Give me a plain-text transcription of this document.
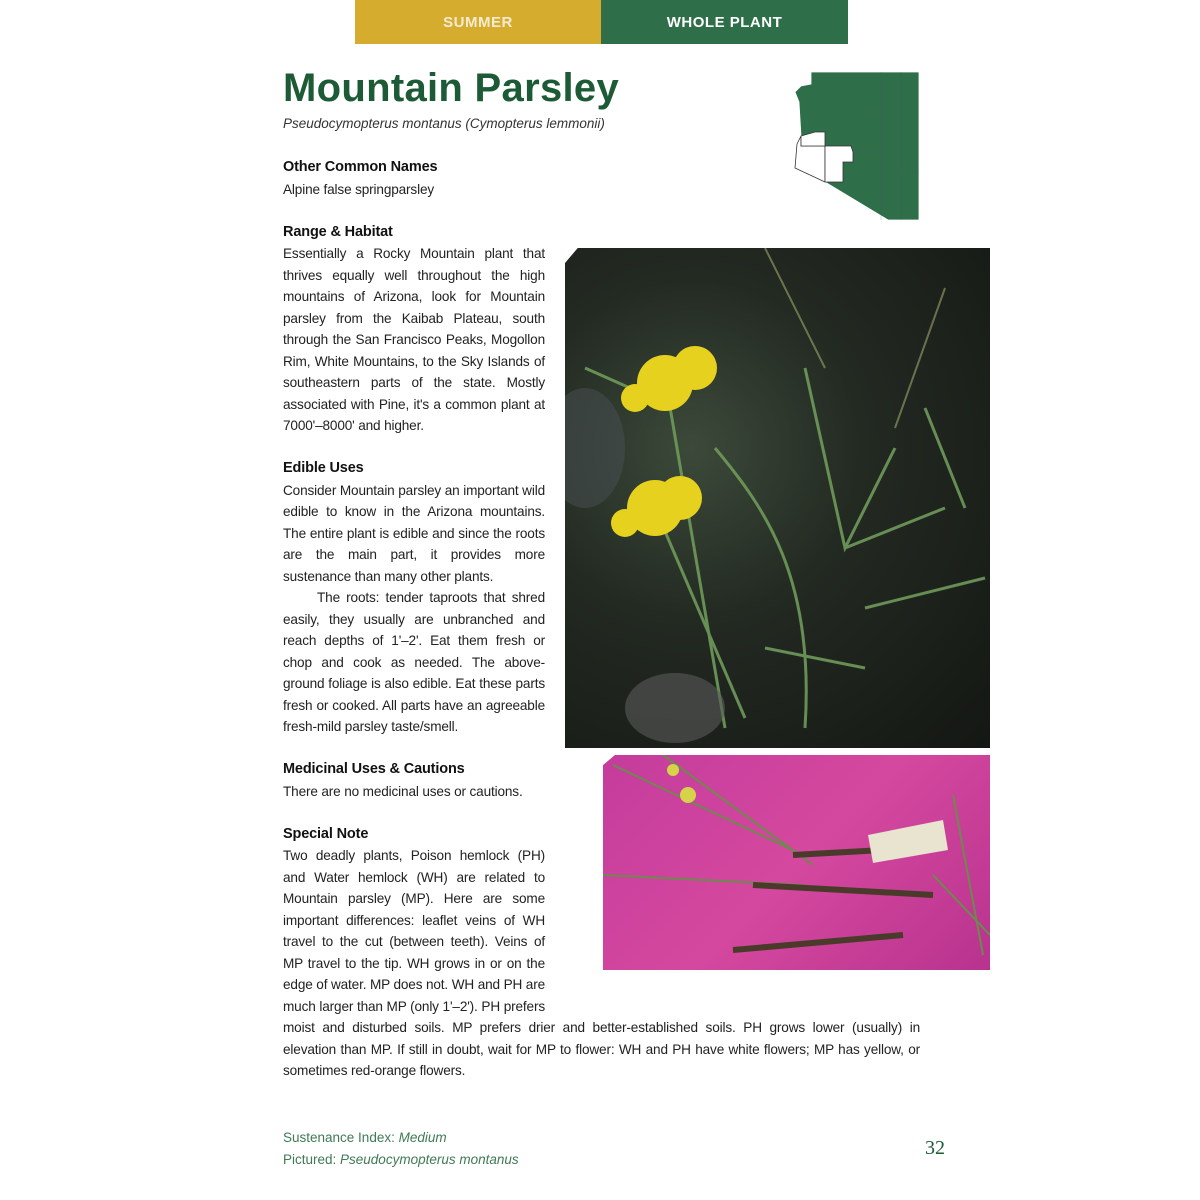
SUMMER	WHOLE PLANT
Mountain Parsley
Pseudocymopterus montanus (Cymopterus lemmonii)
Other Common Names
Alpine false springparsley
Range & Habitat
Essentially a Rocky Mountain plant that thrives equally well throughout the high mountains of Arizona, look for Mountain parsley from the Kaibab Plateau, south through the San Francisco Peaks, Mogollon Rim, White Mountains, to the Sky Islands of southeastern parts of the state. Mostly associated with Pine, it's a common plant at 7000'–8000' and higher.
Edible Uses
Consider Mountain parsley an important wild edible to know in the Arizona mountains. The entire plant is edible and since the roots are the main part, it provides more sustenance than many other plants.
The roots: tender taproots that shred easily, they usually are unbranched and reach depths of 1'–2'. Eat them fresh or chop and cook as needed. The above-ground foliage is also edible. Eat these parts fresh or cooked. All parts have an agreeable fresh-mild parsley taste/smell.
Medicinal Uses & Cautions
There are no medicinal uses or cautions.
Special Note
Two deadly plants, Poison hemlock (PH) and Water hemlock (WH) are related to Mountain parsley (MP). Here are some important differences: leaflet veins of WH travel to the cut (between teeth). Veins of MP travel to the tip. WH grows in or on the edge of water. MP does not. WH and PH are much larger than MP (only 1'–2'). PH prefers moist and disturbed soils. MP prefers drier and better-established soils. PH grows lower (usually) in elevation than MP. If still in doubt, wait for MP to flower: WH and PH have white flowers; MP has yellow, or sometimes red-orange flowers.
Sustenance Index: Medium
Pictured: Pseudocymopterus montanus
32
